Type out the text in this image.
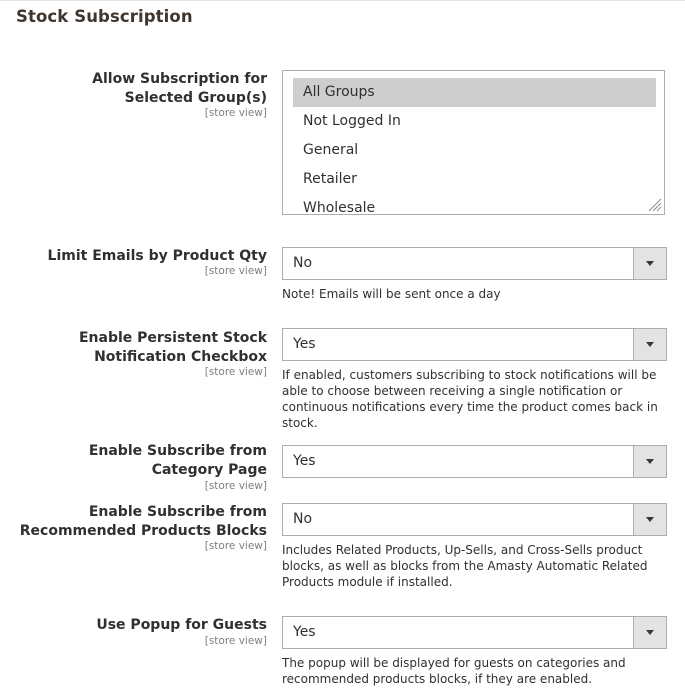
Stock Subscription
Allow Subscription for Selected Group(s)
[store view]
All Groups
Not Logged In
General
Retailer
Wholesale
Limit Emails by Product Qty
[store view] No
Note! Emails will be sent once a day
Enable Persistent Stock Notification Checkbox
[store view]
Yes
If enabled, customers subscribing to stock notifications will be able to choose between receiving a single notification or continuous notifications every time the product comes back in stock.
Enable Subscribe from Category Page
[store view]
Yes
Enable Subscribe from Recommended Products Blocks
[store view]
No
Includes Related Products, Up-Sells, and Cross-Sells product blocks, as well as blocks from the Amasty Automatic Related Products module if installed.
Use Popup for Guests
[store view]
Yes
The popup will be displayed for guests on categories and recommended products blocks, if they are enabled.
